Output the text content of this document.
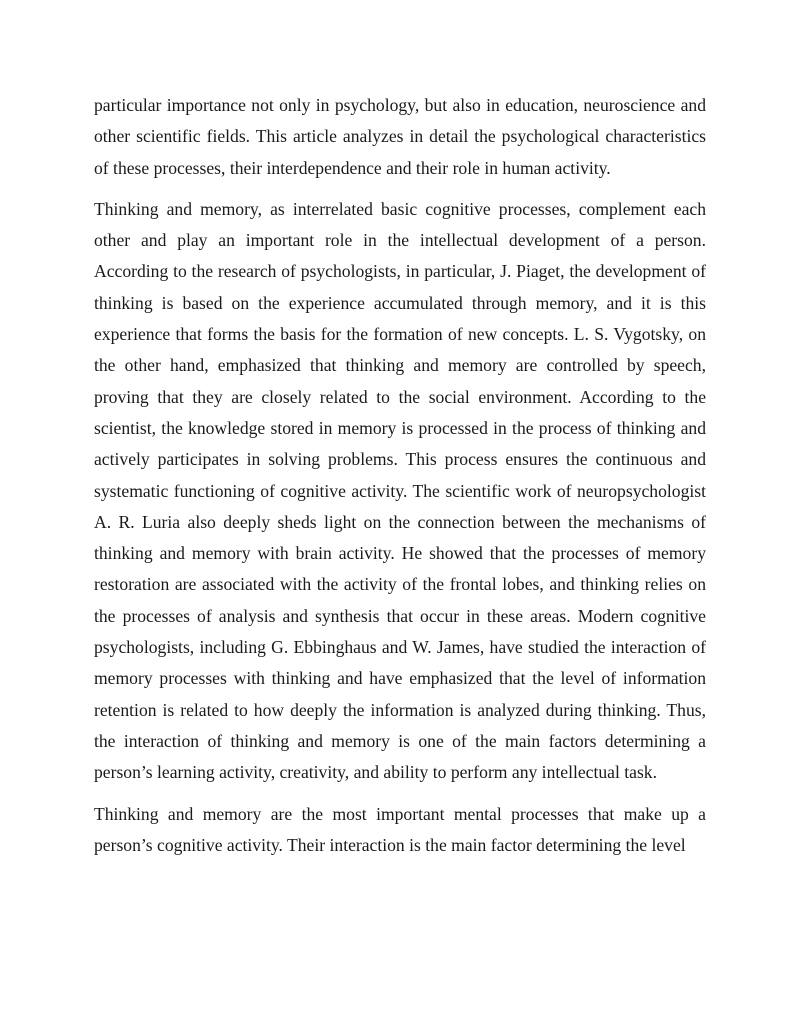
particular importance not only in psychology, but also in education, neuroscience and other scientific fields. This article analyzes in detail the psychological characteristics of these processes, their interdependence and their role in human activity.

Thinking and memory, as interrelated basic cognitive processes, complement each other and play an important role in the intellectual development of a person. According to the research of psychologists, in particular, J. Piaget, the development of thinking is based on the experience accumulated through memory, and it is this experience that forms the basis for the formation of new concepts. L. S. Vygotsky, on the other hand, emphasized that thinking and memory are controlled by speech, proving that they are closely related to the social environment. According to the scientist, the knowledge stored in memory is processed in the process of thinking and actively participates in solving problems. This process ensures the continuous and systematic functioning of cognitive activity. The scientific work of neuropsychologist A. R. Luria also deeply sheds light on the connection between the mechanisms of thinking and memory with brain activity. He showed that the processes of memory restoration are associated with the activity of the frontal lobes, and thinking relies on the processes of analysis and synthesis that occur in these areas. Modern cognitive psychologists, including G. Ebbinghaus and W. James, have studied the interaction of memory processes with thinking and have emphasized that the level of information retention is related to how deeply the information is analyzed during thinking. Thus, the interaction of thinking and memory is one of the main factors determining a person’s learning activity, creativity, and ability to perform any intellectual task.

Thinking and memory are the most important mental processes that make up a person’s cognitive activity. Their interaction is the main factor determining the level
